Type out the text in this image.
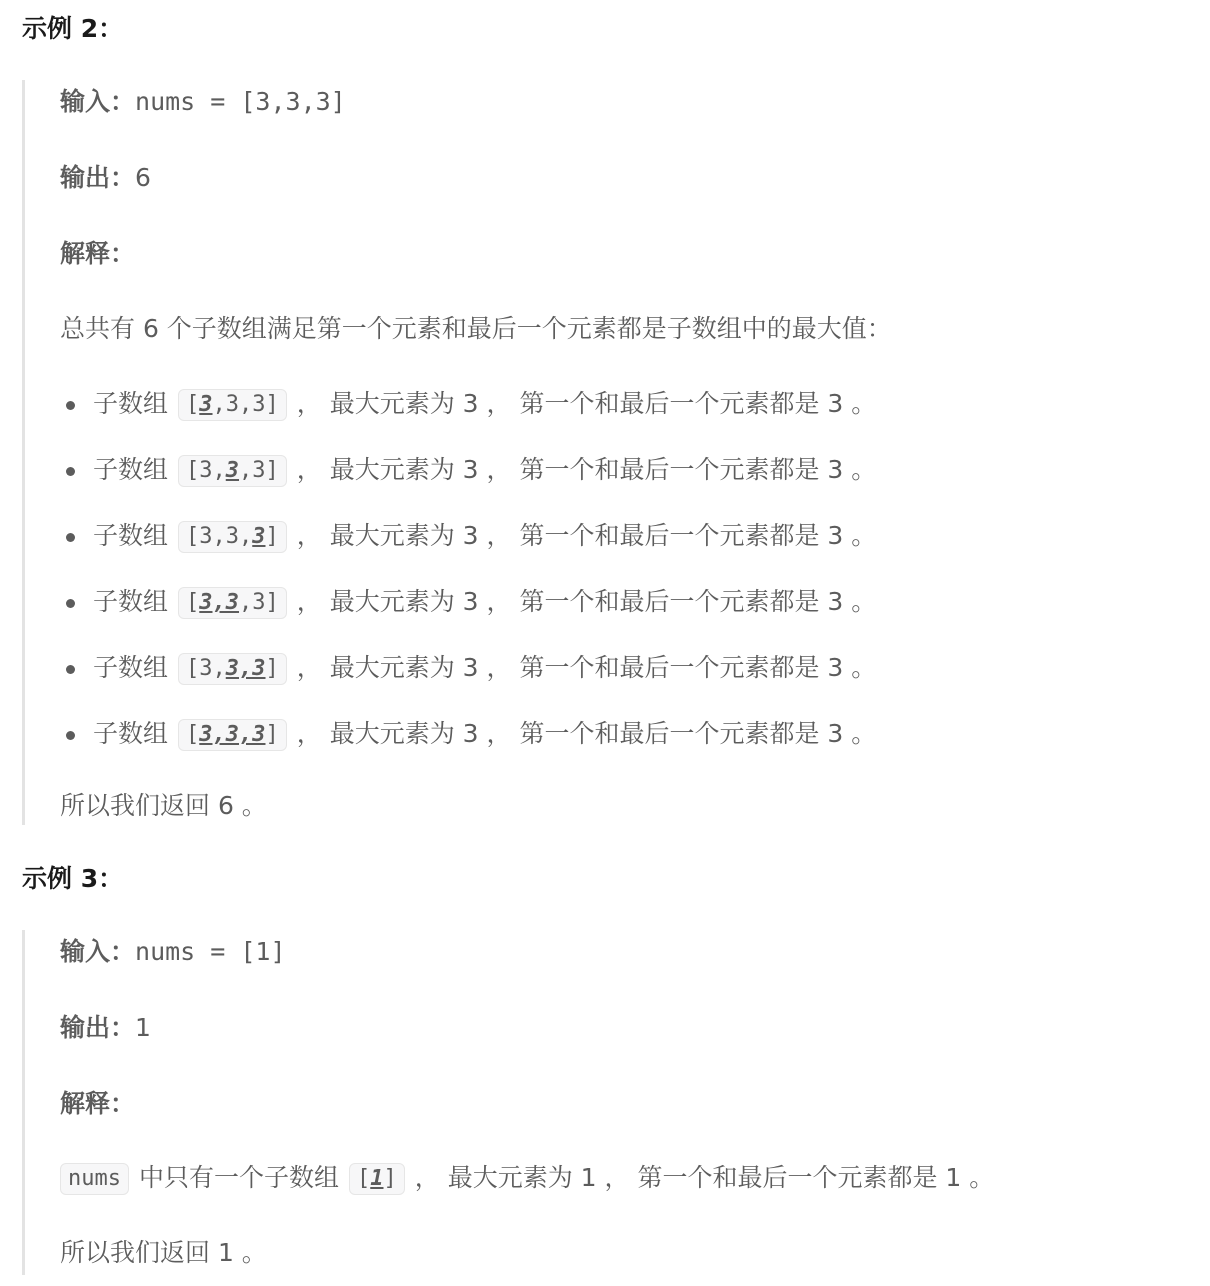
示例 2：
输入：nums = [3,3,3]
输出：6
解释：
总共有 6 个子数组满足第一个元素和最后一个元素都是子数组中的最大值：
子数组 [3,3,3] ， 最大元素为 3 ， 第一个和最后一个元素都是 3 。
子数组 [3,3,3] ， 最大元素为 3 ， 第一个和最后一个元素都是 3 。
子数组 [3,3,3] ， 最大元素为 3 ， 第一个和最后一个元素都是 3 。
子数组 [3,3,3] ， 最大元素为 3 ， 第一个和最后一个元素都是 3 。
子数组 [3,3,3] ， 最大元素为 3 ， 第一个和最后一个元素都是 3 。
子数组 [3,3,3] ， 最大元素为 3 ， 第一个和最后一个元素都是 3 。
所以我们返回 6 。
示例 3：
输入：nums = [1]
输出：1
解释：
nums 中只有一个子数组 [1] ， 最大元素为 1 ， 第一个和最后一个元素都是 1 。
所以我们返回 1 。
